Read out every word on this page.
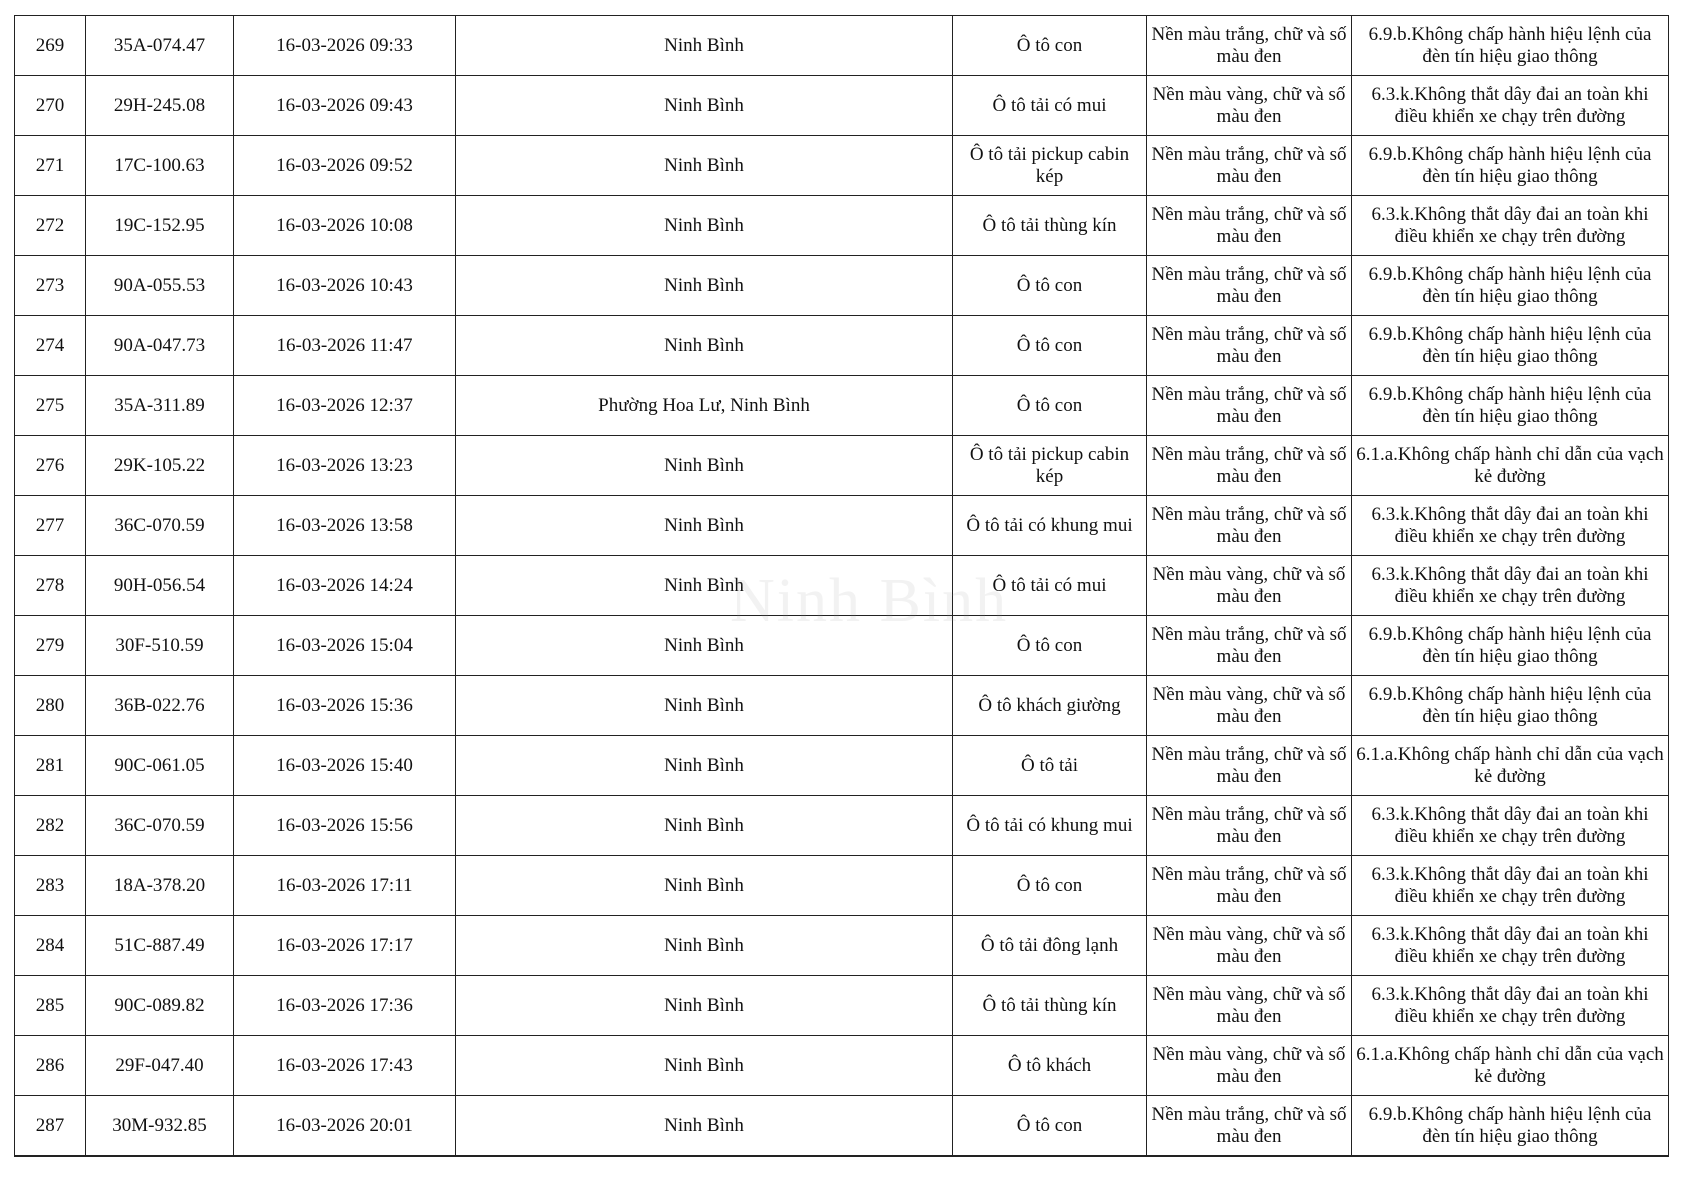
269	35A-074.47	16-03-2026 09:33	Ninh Bình	Ô tô con	Nền màu trắng, chữ và số màu đen	6.9.b.Không chấp hành hiệu lệnh của đèn tín hiệu giao thông
270	29H-245.08	16-03-2026 09:43	Ninh Bình	Ô tô tải có mui	Nền màu vàng, chữ và số màu đen	6.3.k.Không thắt dây đai an toàn khi điều khiển xe chạy trên đường
271	17C-100.63	16-03-2026 09:52	Ninh Bình	Ô tô tải pickup cabin kép	Nền màu trắng, chữ và số màu đen	6.9.b.Không chấp hành hiệu lệnh của đèn tín hiệu giao thông
272	19C-152.95	16-03-2026 10:08	Ninh Bình	Ô tô tải thùng kín	Nền màu trắng, chữ và số màu đen	6.3.k.Không thắt dây đai an toàn khi điều khiển xe chạy trên đường
273	90A-055.53	16-03-2026 10:43	Ninh Bình	Ô tô con	Nền màu trắng, chữ và số màu đen	6.9.b.Không chấp hành hiệu lệnh của đèn tín hiệu giao thông
274	90A-047.73	16-03-2026 11:47	Ninh Bình	Ô tô con	Nền màu trắng, chữ và số màu đen	6.9.b.Không chấp hành hiệu lệnh của đèn tín hiệu giao thông
275	35A-311.89	16-03-2026 12:37	Phường Hoa Lư, Ninh Bình	Ô tô con	Nền màu trắng, chữ và số màu đen	6.9.b.Không chấp hành hiệu lệnh của đèn tín hiệu giao thông
276	29K-105.22	16-03-2026 13:23	Ninh Bình	Ô tô tải pickup cabin kép	Nền màu trắng, chữ và số màu đen	6.1.a.Không chấp hành chỉ dẫn của vạch kẻ đường
277	36C-070.59	16-03-2026 13:58	Ninh Bình	Ô tô tải có khung mui	Nền màu trắng, chữ và số màu đen	6.3.k.Không thắt dây đai an toàn khi điều khiển xe chạy trên đường
278	90H-056.54	16-03-2026 14:24	Ninh Bình	Ô tô tải có mui	Nền màu vàng, chữ và số màu đen	6.3.k.Không thắt dây đai an toàn khi điều khiển xe chạy trên đường
279	30F-510.59	16-03-2026 15:04	Ninh Bình	Ô tô con	Nền màu trắng, chữ và số màu đen	6.9.b.Không chấp hành hiệu lệnh của đèn tín hiệu giao thông
280	36B-022.76	16-03-2026 15:36	Ninh Bình	Ô tô khách giường	Nền màu vàng, chữ và số màu đen	6.9.b.Không chấp hành hiệu lệnh của đèn tín hiệu giao thông
281	90C-061.05	16-03-2026 15:40	Ninh Bình	Ô tô tải	Nền màu trắng, chữ và số màu đen	6.1.a.Không chấp hành chỉ dẫn của vạch kẻ đường
282	36C-070.59	16-03-2026 15:56	Ninh Bình	Ô tô tải có khung mui	Nền màu trắng, chữ và số màu đen	6.3.k.Không thắt dây đai an toàn khi điều khiển xe chạy trên đường
283	18A-378.20	16-03-2026 17:11	Ninh Bình	Ô tô con	Nền màu trắng, chữ và số màu đen	6.3.k.Không thắt dây đai an toàn khi điều khiển xe chạy trên đường
284	51C-887.49	16-03-2026 17:17	Ninh Bình	Ô tô tải đông lạnh	Nền màu vàng, chữ và số màu đen	6.3.k.Không thắt dây đai an toàn khi điều khiển xe chạy trên đường
285	90C-089.82	16-03-2026 17:36	Ninh Bình	Ô tô tải thùng kín	Nền màu vàng, chữ và số màu đen	6.3.k.Không thắt dây đai an toàn khi điều khiển xe chạy trên đường
286	29F-047.40	16-03-2026 17:43	Ninh Bình	Ô tô khách	Nền màu vàng, chữ và số màu đen	6.1.a.Không chấp hành chỉ dẫn của vạch kẻ đường
287	30M-932.85	16-03-2026 20:01	Ninh Bình	Ô tô con	Nền màu trắng, chữ và số màu đen	6.9.b.Không chấp hành hiệu lệnh của đèn tín hiệu giao thông
Ninh Bình
